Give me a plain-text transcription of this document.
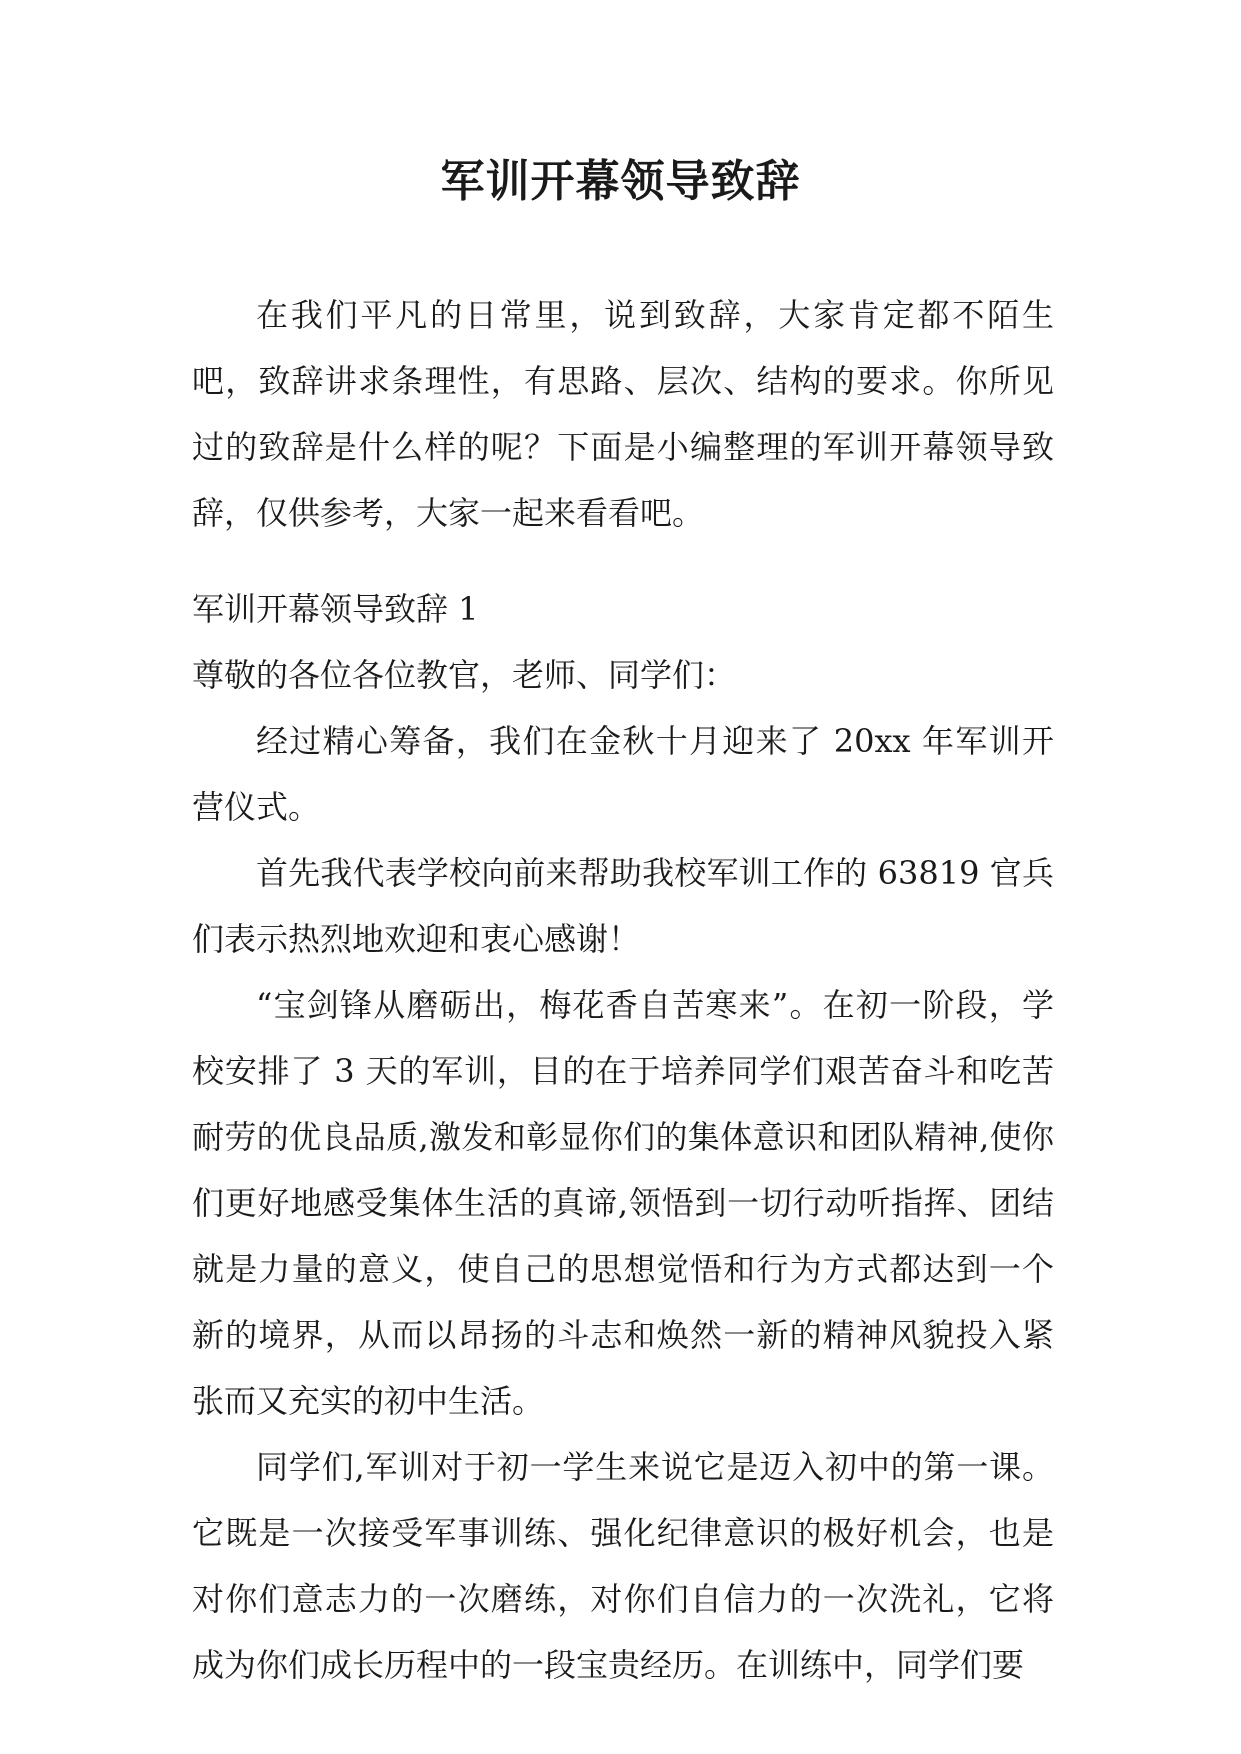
军训开幕领导致辞

在我们平凡的日常里，说到致辞，大家肯定都不陌生吧，致辞讲求条理性，有思路、层次、结构的要求。你所见过的致辞是什么样的呢？下面是小编整理的军训开幕领导致辞，仅供参考，大家一起来看看吧。

军训开幕领导致辞 1

尊敬的各位各位教官，老师、同学们：

经过精心筹备，我们在金秋十月迎来了 20xx 年军训开营仪式。

首先我代表学校向前来帮助我校军训工作的 63819 官兵们表示热烈地欢迎和衷心感谢！

“宝剑锋从磨砺出，梅花香自苦寒来”。在初一阶段，学校安排了 3 天的军训，目的在于培养同学们艰苦奋斗和吃苦耐劳的优良品质,激发和彰显你们的集体意识和团队精神,使你们更好地感受集体生活的真谛,领悟到一切行动听指挥、团结就是力量的意义，使自己的思想觉悟和行为方式都达到一个新的境界，从而以昂扬的斗志和焕然一新的精神风貌投入紧张而又充实的初中生活。

同学们,军训对于初一学生来说它是迈入初中的第一课。它既是一次接受军事训练、强化纪律意识的极好机会，也是对你们意志力的一次磨练，对你们自信力的一次洗礼，它将成为你们成长历程中的一段宝贵经历。在训练中，同学们要
